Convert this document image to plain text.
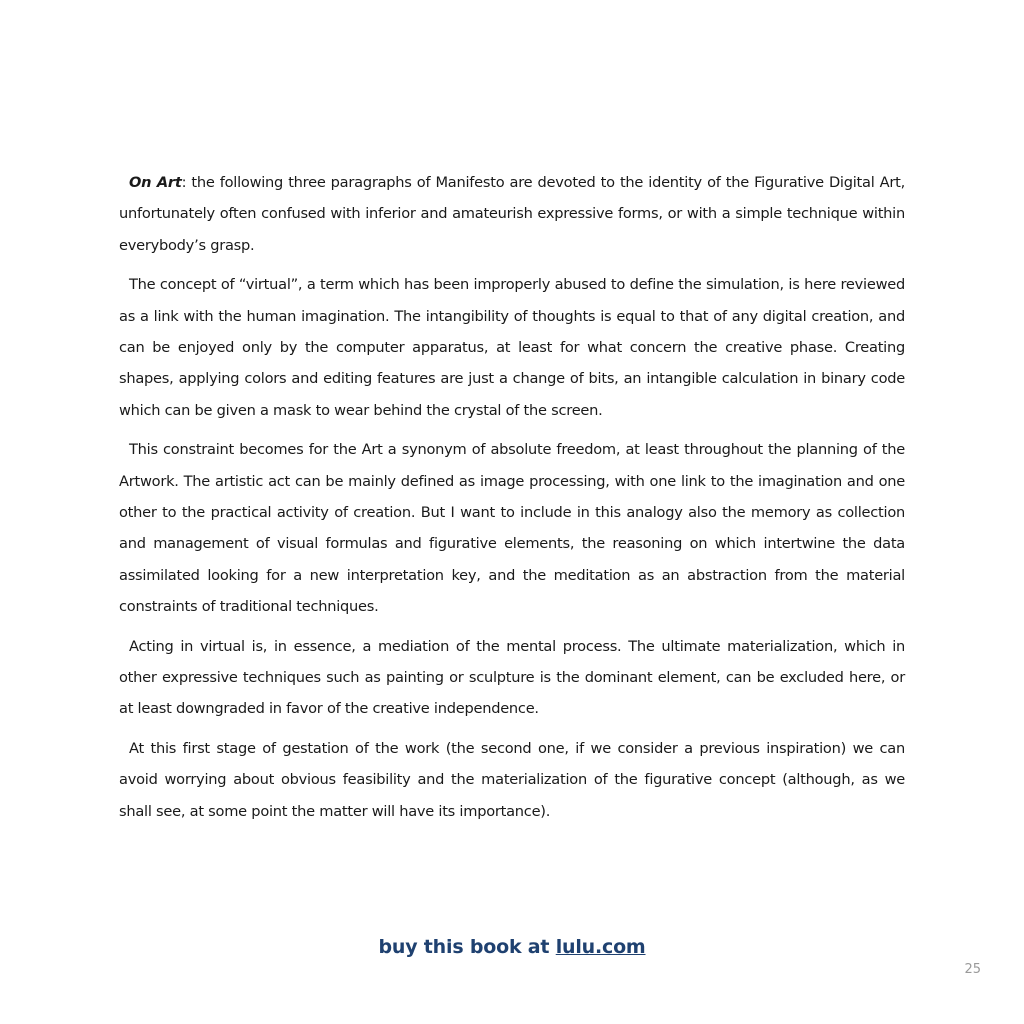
On Art: the following three paragraphs of Manifesto are devoted to the identity of the Figurative Digital Art, unfortunately often confused with inferior and amateurish expressive forms, or with a simple technique within everybody’s grasp.

The concept of “virtual”, a term which has been improperly abused to define the simulation, is here reviewed as a link with the human imagination. The intangibility of thoughts is equal to that of any digital creation, and can be enjoyed only by the computer apparatus, at least for what concern the creative phase. Creating shapes, applying colors and editing features are just a change of bits, an intangible calculation in binary code which can be given a mask to wear behind the crystal of the screen.

This constraint becomes for the Art a synonym of absolute freedom, at least throughout the planning of the Artwork. The artistic act can be mainly defined as image processing, with one link to the imagination and one other to the practical activity of creation. But I want to include in this analogy also the memory as collection and management of visual formulas and figurative elements, the reasoning on which intertwine the data assimilated looking for a new interpretation key, and the meditation as an abstraction from the material constraints of traditional techniques.

Acting in virtual is, in essence, a mediation of the mental process. The ultimate materialization, which in other expressive techniques such as painting or sculpture is the dominant element, can be excluded here, or at least downgraded in favor of the creative independence.

At this first stage of gestation of the work (the second one, if we consider a previous inspiration) we can avoid worrying about obvious feasibility and the materialization of the figurative concept (although, as we shall see, at some point the matter will have its importance).

buy this book at lulu.com
25
